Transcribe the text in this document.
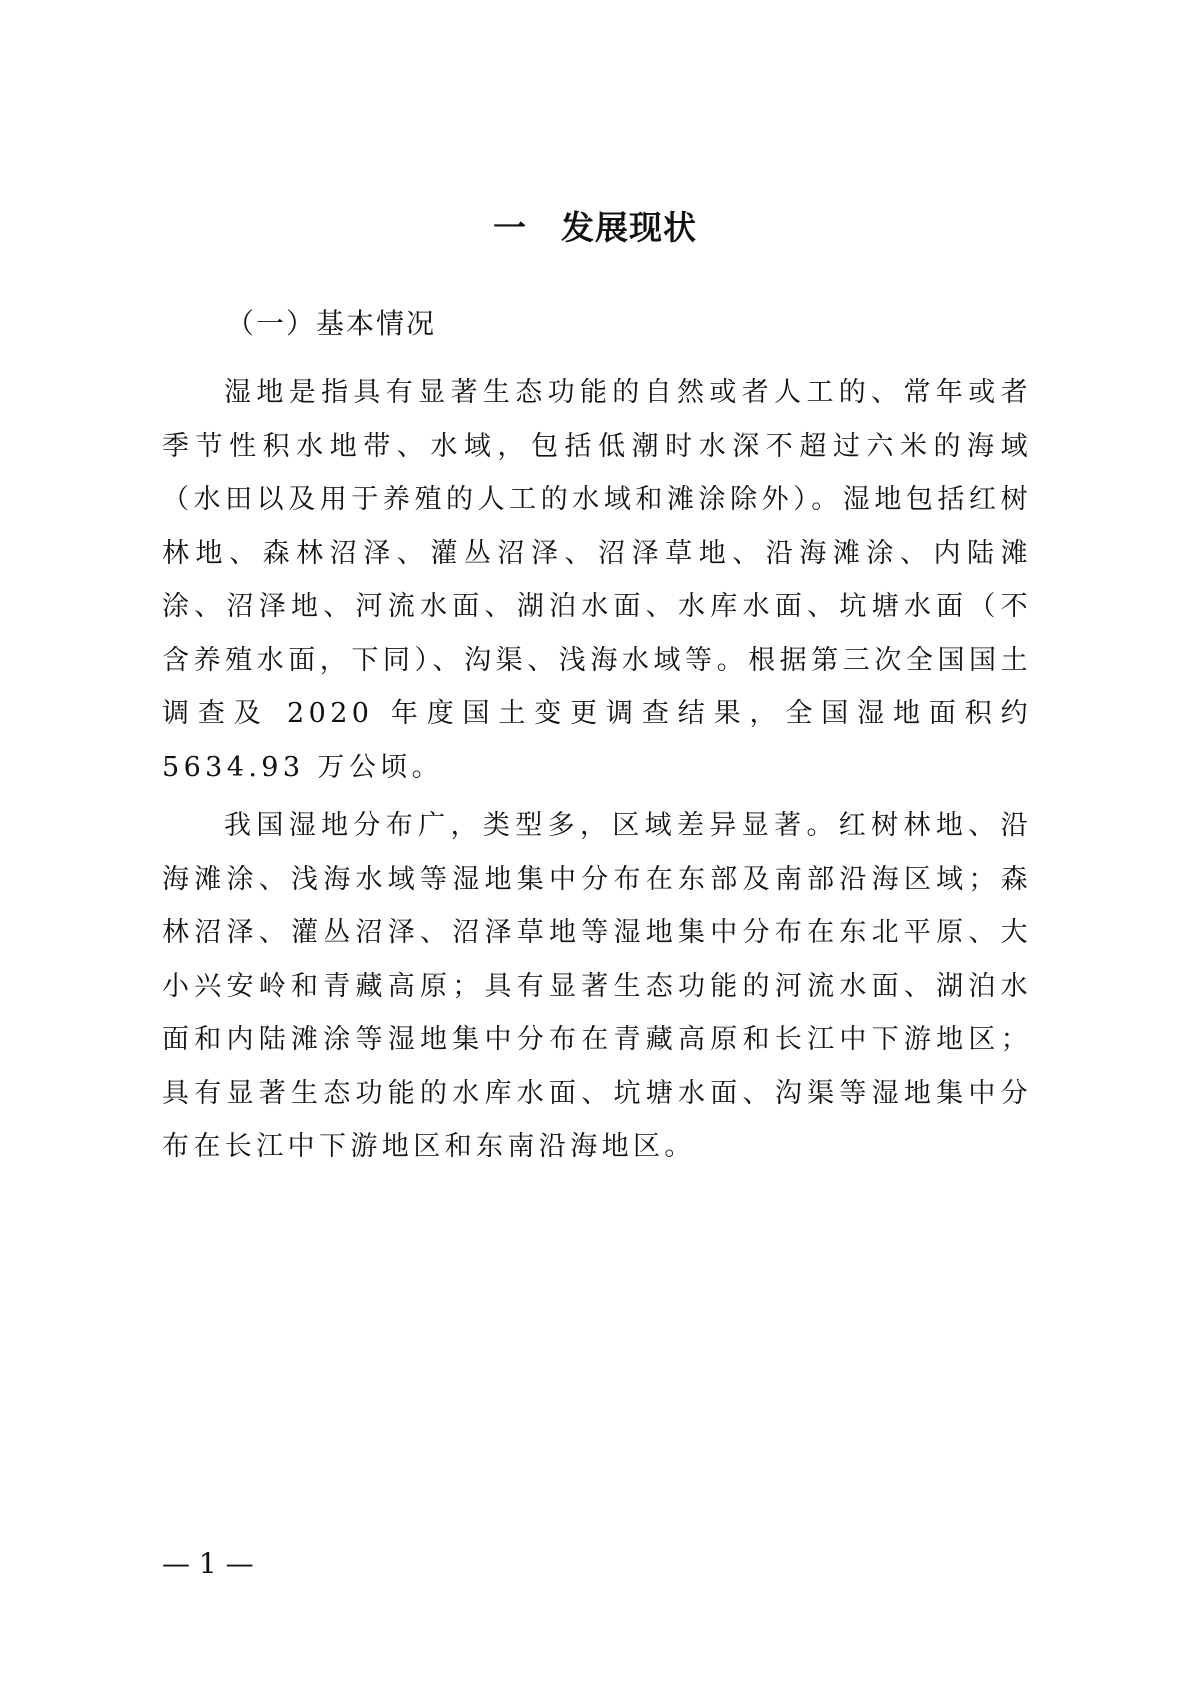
一　发展现状
（一）基本情况

湿地是指具有显著生态功能的自然或者人工的、常年或者季节性积水地带、水域，包括低潮时水深不超过六米的海域（水田以及用于养殖的人工的水域和滩涂除外）。湿地包括红树林地、森林沼泽、灌丛沼泽、沼泽草地、沿海滩涂、内陆滩涂、沼泽地、河流水面、湖泊水面、水库水面、坑塘水面（不含养殖水面，下同）、沟渠、浅海水域等。根据第三次全国国土调查及 2020 年度国土变更调查结果，全国湿地面积约 5634.93 万公顷。

我国湿地分布广，类型多，区域差异显著。红树林地、沿海滩涂、浅海水域等湿地集中分布在东部及南部沿海区域；森林沼泽、灌丛沼泽、沼泽草地等湿地集中分布在东北平原、大小兴安岭和青藏高原；具有显著生态功能的河流水面、湖泊水面和内陆滩涂等湿地集中分布在青藏高原和长江中下游地区；具有显著生态功能的水库水面、坑塘水面、沟渠等湿地集中分布在长江中下游地区和东南沿海地区。

— 1 —
